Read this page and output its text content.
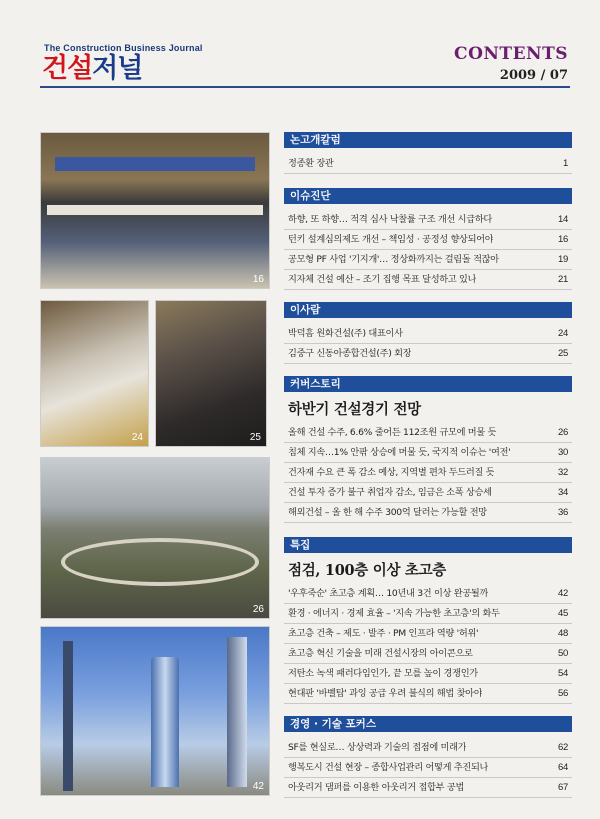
The Construction Business Journal
건설저널	CONTENTS
2009 / 07
16
24	25
26
42
논고개칼럼
정종환 장관	1
이슈진단
하향, 또 하향… 적격 심사 낙찰률 구조 개선 시급하다	14
턴키 설계심의제도 개선 – 책임성 · 공정성 향상되어야	16
공모형 PF 사업 '기지개'… 정상화까지는 걸림돌 적잖아	19
지자체 건설 예산 – 조기 집행 목표 달성하고 있나	21
이사람
박덕흠 원화건설(주) 대표이사	24
김중구 신동아종합건설(주) 회장	25
커버스토리
하반기 건설경기 전망
올해 건설 수주, 6.6% 줄어든 112조원 규모에 머물 듯	26
침체 지속…1% 안팎 상승에 머물 듯, 국지적 이슈는 '여전'	30
건자재 수요 큰 폭 감소 예상, 지역별 편차 두드러질 듯	32
건설 투자 증가 불구 취업자 감소, 임금은 소폭 상승세	34
해외건설 – 올 한 해 수주 300억 달러는 가능할 전망	36
특집
점검, 100층 이상 초고층
'우후죽순' 초고층 계획… 10년내 3건 이상 완공될까	42
환경 · 에너지 · 경제 효율 – '지속 가능한 초고층'의 화두	45
초고층 건축 – 제도 · 발주 · PM 인프라 역량 '허위'	48
초고층 혁신 기술을 미래 건설시장의 아이콘으로	50
저탄소 녹색 패러다임인가, 끝 모를 높이 경쟁인가	54
현대판 '바벨탑' 과잉 공급 우려 불식의 해법 찾아야	56
경영 · 기술 포커스
SF를 현실로… 상상력과 기술의 접점에 미래가	62
행복도시 건설 현장 – 종합사업관리 어떻게 추진되나	64
아웃리거 댐퍼를 이용한 아웃리거 접합부 공법	67
